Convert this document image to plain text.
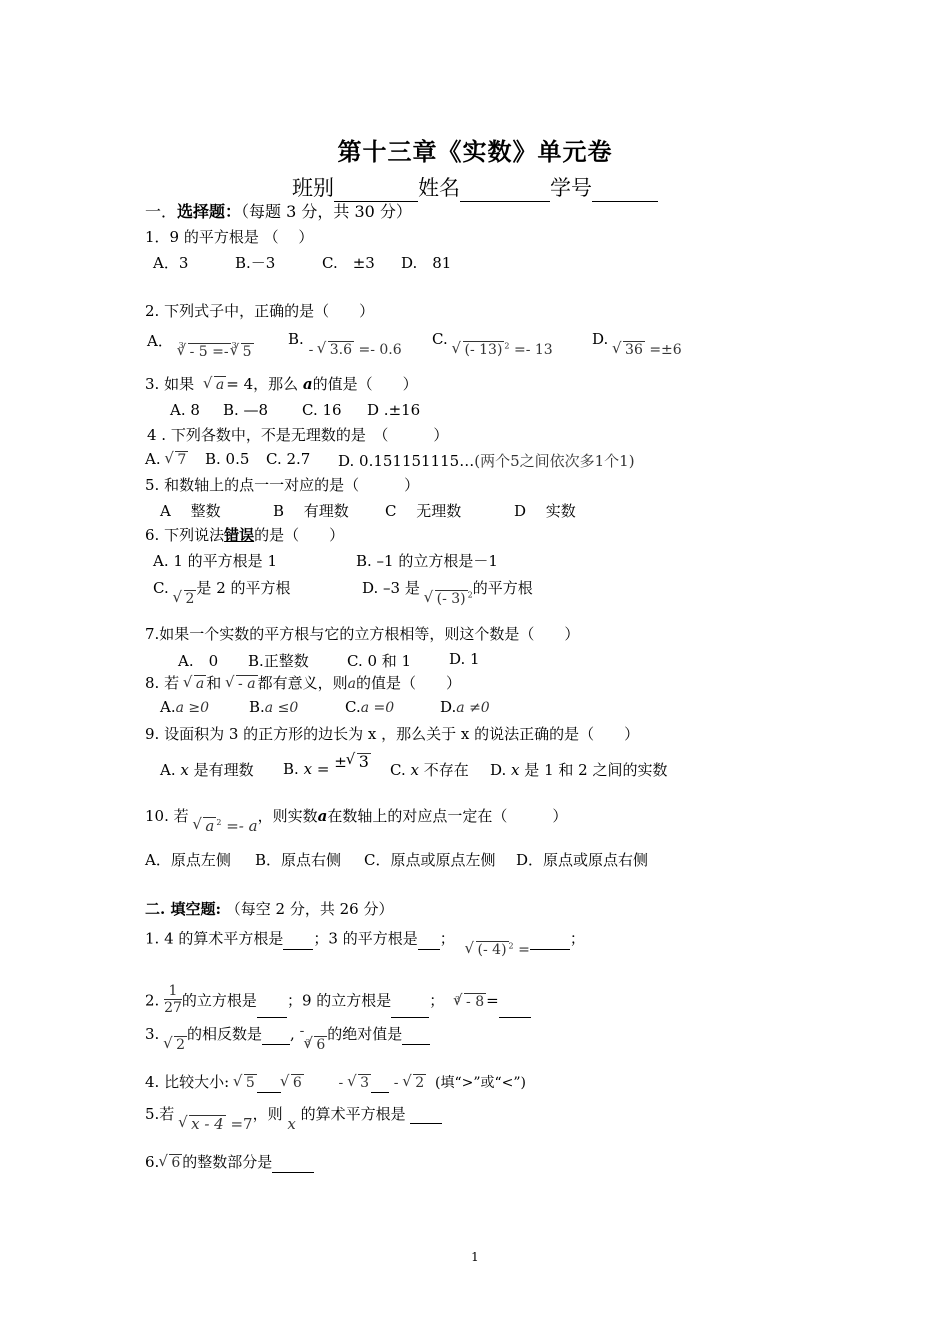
第十三章《实数》单元卷
班别	姓名	学号
一．选择题：（每题 3 分，共 30 分）
1．9 的平方根是 （　 ）
A．3	B.－3	C.　±3 D.　81
2. 下列式子中，正确的是（　　）
A． √ 3 - 5 =- √ 3 5
B. - √ 3.6 =- 0.6
C. √ (- 13) $^2$ =- 13
D. √ 36 =±6
3. 如果 √ a = 4，那么 a的值是（　　）
A. 8 B. —8 C. 16 D .±16
4 . 下列各数中，不是无理数的是　（　　　）
A. √ 7 B. 0.5 C. 2.7 D. 0.151151115…(两个5之间依次多1个1)
5. 和数轴上的点一一对应的是（　　　）
A　 整数	B　 有理数 C　 无理数	D　 实数
6. 下列说法错误的是（　　）
A. 1 的平方根是 1	B. –1 的立方根是－1
C. √ 2是 2 的平方根	D. –3 是 √ (- 3) $^2$的平方根
7.如果一个实数的平方根与它的立方根相等，则这个数是（　　）
A.　0 B.正整数	C. 0 和 1	D. 1
8. 若 √ a 和 √ - a 都有意义，则a的值是（　　）
A.a ≥0	B.a ≤0	C.a =0	D.a ≠0
9. 设面积为 3 的正方形的边长为 x ，那么关于 x 的说法正确的是（　　）
A. x 是有理数 B. x = ± √ 3 C. x 不存在 D. x 是 1 和 2 之间的实数
10. 若 √ a $^2$ =- a，则实数a在数轴上的对应点一定在（　　　）
A．原点左侧 B．原点右侧 C．原点或原点左侧 D．原点或原点右侧
二. 填空题: （每空 2 分，共 26 分）
1. 4 的算术平方根是 ；3 的平方根是 ； √ (- 4) $^2$ =；
2. $\frac{1}{27}$ 的立方根是 ；9 的立方根是	； √ 3 - 8 =
3. √ 2的相反数是 , -
√ 3 6的绝对值是
4. 比较大小: √ 5	√ 6	- √ 3 - √ 2 (填“>”或“<”)
5.若 √ x - 4 =7，则 x 的算术平方根是
6. √ 6 的整数部分是
1
